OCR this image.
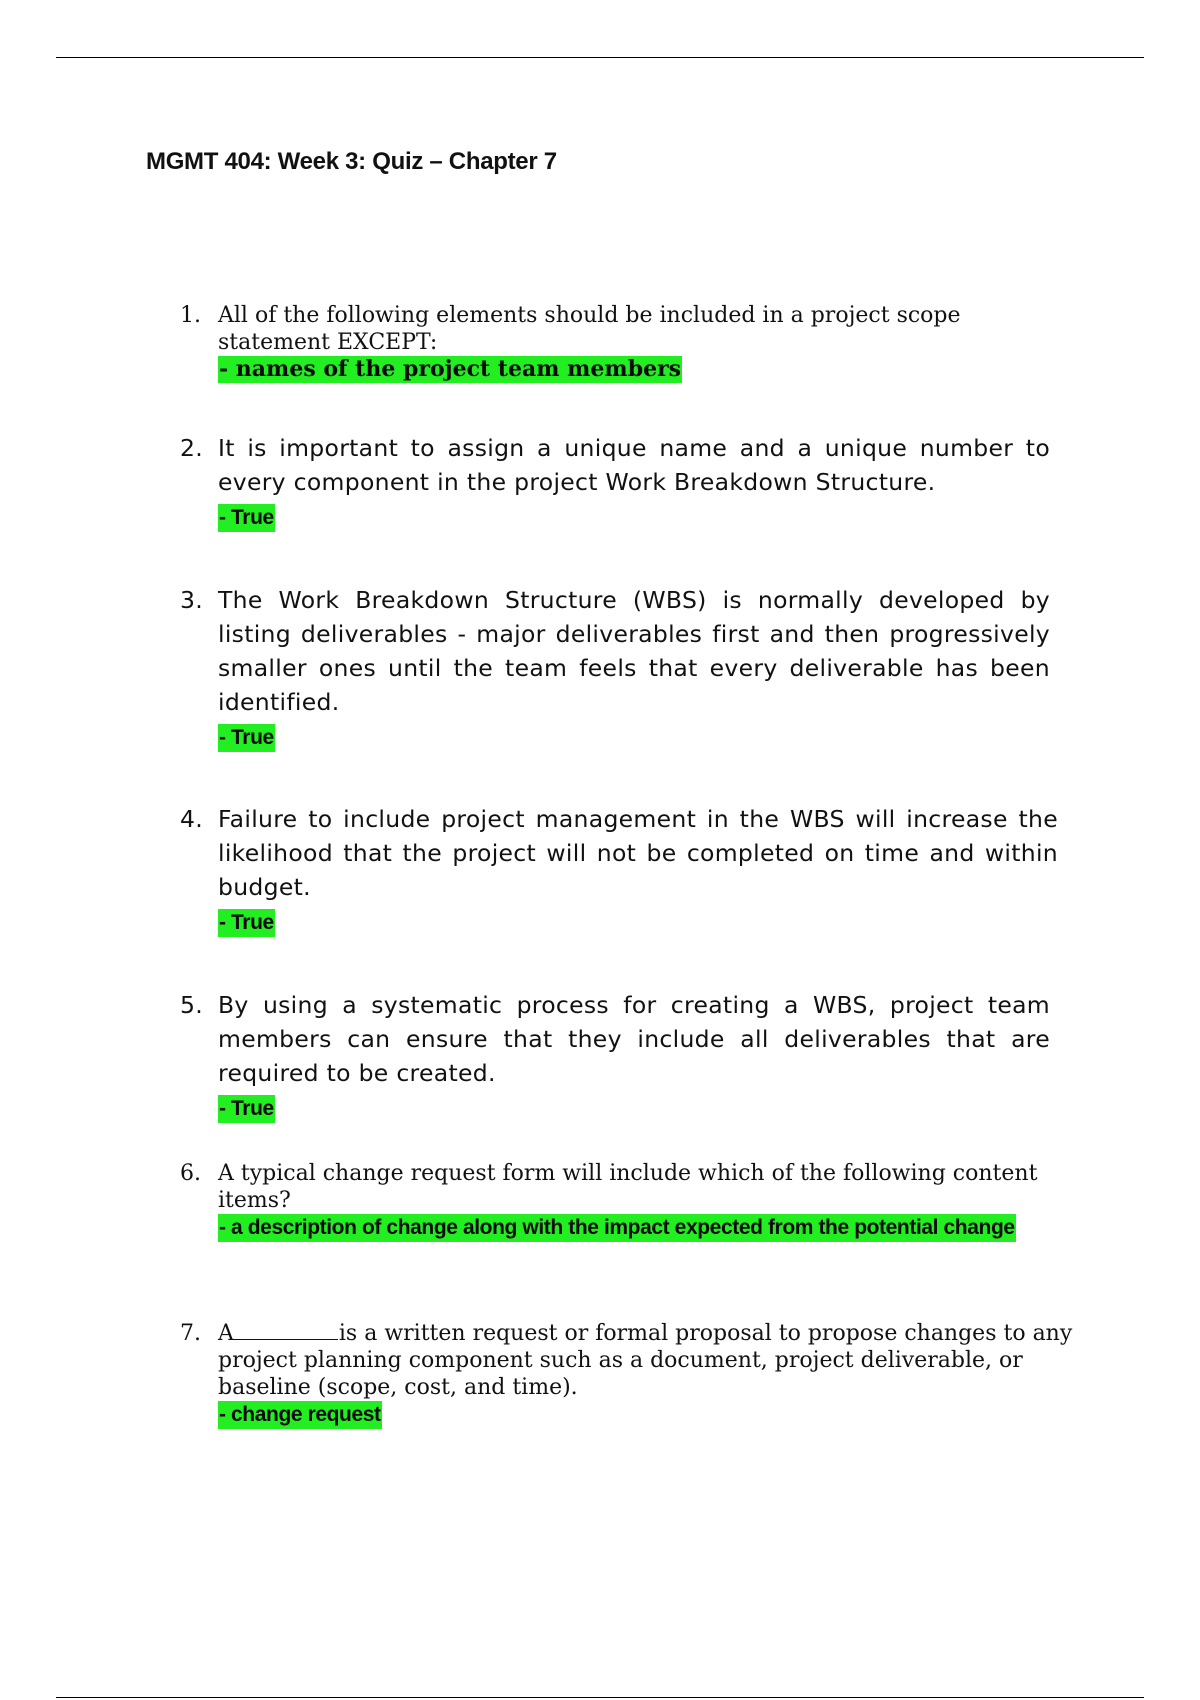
MGMT 404: Week 3: Quiz – Chapter 7
1. All of the following elements should be included in a project scope statement EXCEPT:
- names of the project team members
2. It is important to assign a unique name and a unique number to every component in the project Work Breakdown Structure.
- True
3. The Work Breakdown Structure (WBS) is normally developed by listing deliverables - major deliverables first and then progressively smaller ones until the team feels that every deliverable has been identified.
- True
4. Failure to include project management in the WBS will increase the likelihood that the project will not be completed on time and within budget.
- True
5. By using a systematic process for creating a WBS, project team members can ensure that they include all deliverables that are required to be created.
- True
6. A typical change request form will include which of the following content items?
- a description of change along with the impact expected from the potential change
7. A	is a written request or formal proposal to propose changes to any project planning component such as a document, project deliverable, or baseline (scope, cost, and time).
- change request
